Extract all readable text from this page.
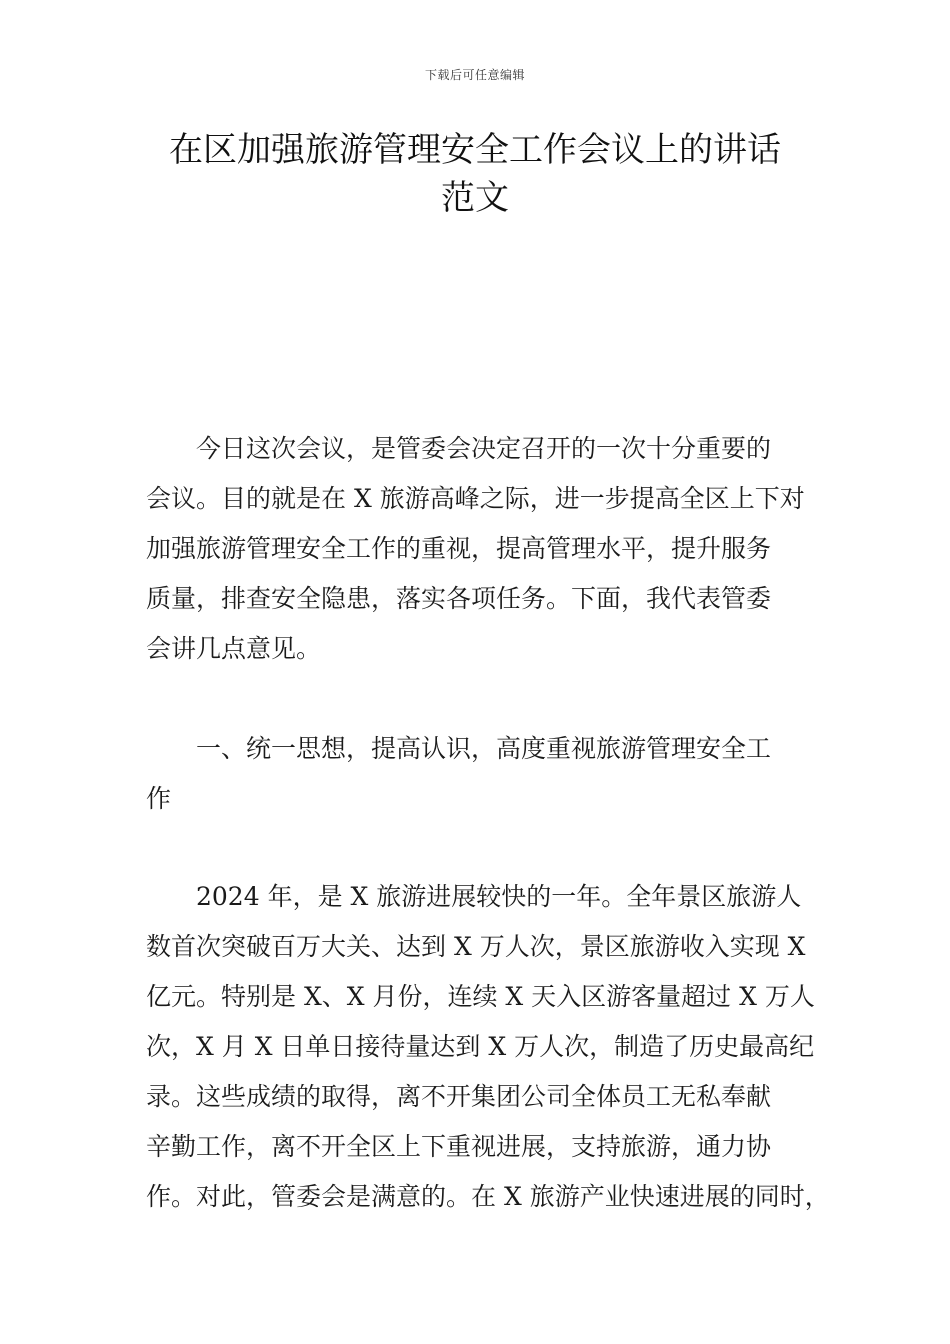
下载后可任意编辑
在区加强旅游管理安全工作会议上的讲话
范文
今日这次会议，是管委会决定召开的一次十分重要的
会议。目的就是在 X 旅游高峰之际，进一步提高全区上下对
加强旅游管理安全工作的重视，提高管理水平，提升服务
质量，排查安全隐患，落实各项任务。下面，我代表管委
会讲几点意见。
一、统一思想，提高认识，高度重视旅游管理安全工
作
2024 年，是 X 旅游进展较快的一年。全年景区旅游人
数首次突破百万大关、达到 X 万人次，景区旅游收入实现 X
亿元。特别是 X、X 月份，连续 X 天入区游客量超过 X 万人
次，X 月 X 日单日接待量达到 X 万人次，制造了历史最高纪
录。这些成绩的取得，离不开集团公司全体员工无私奉献
辛勤工作，离不开全区上下重视进展，支持旅游，通力协
作。对此，管委会是满意的。在 X 旅游产业快速进展的同时，
